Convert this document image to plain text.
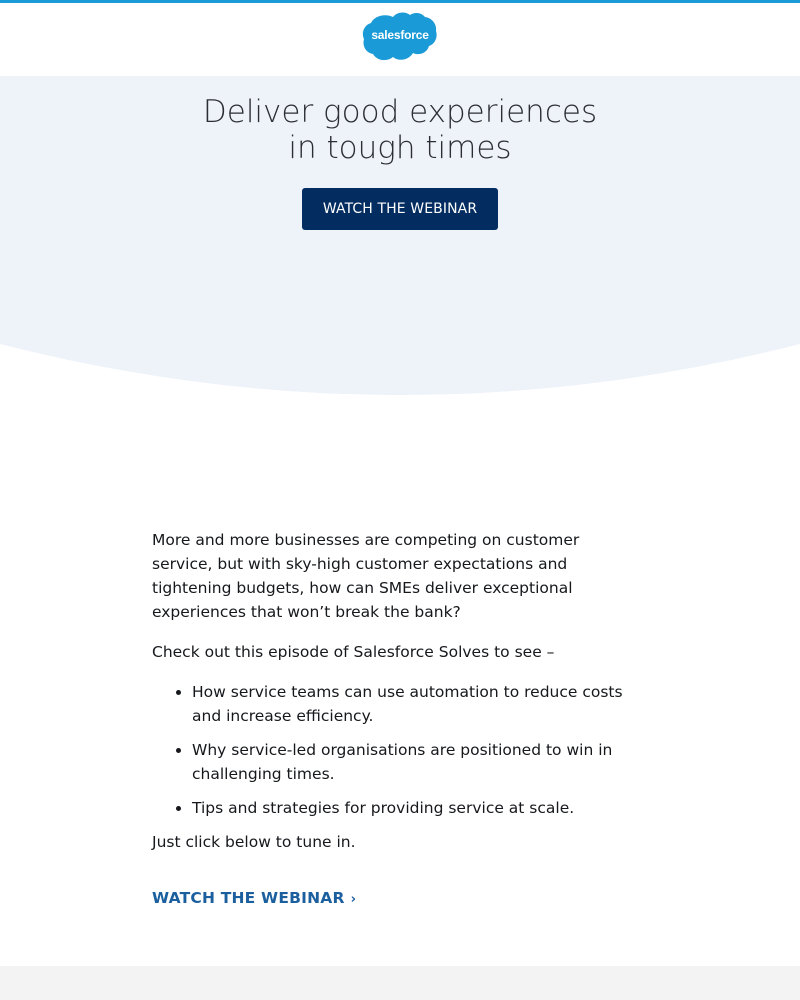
salesforce
Deliver good experiences
in tough times
WATCH THE WEBINAR

More and more businesses are competing on customer service, but with sky-high customer expectations and tightening budgets, how can SMEs deliver exceptional experiences that won’t break the bank?

Check out this episode of Salesforce Solves to see –

• How service teams can use automation to reduce costs and increase efficiency.
• Why service-led organisations are positioned to win in challenging times.
• Tips and strategies for providing service at scale.

Just click below to tune in.

WATCH THE WEBINAR ›
